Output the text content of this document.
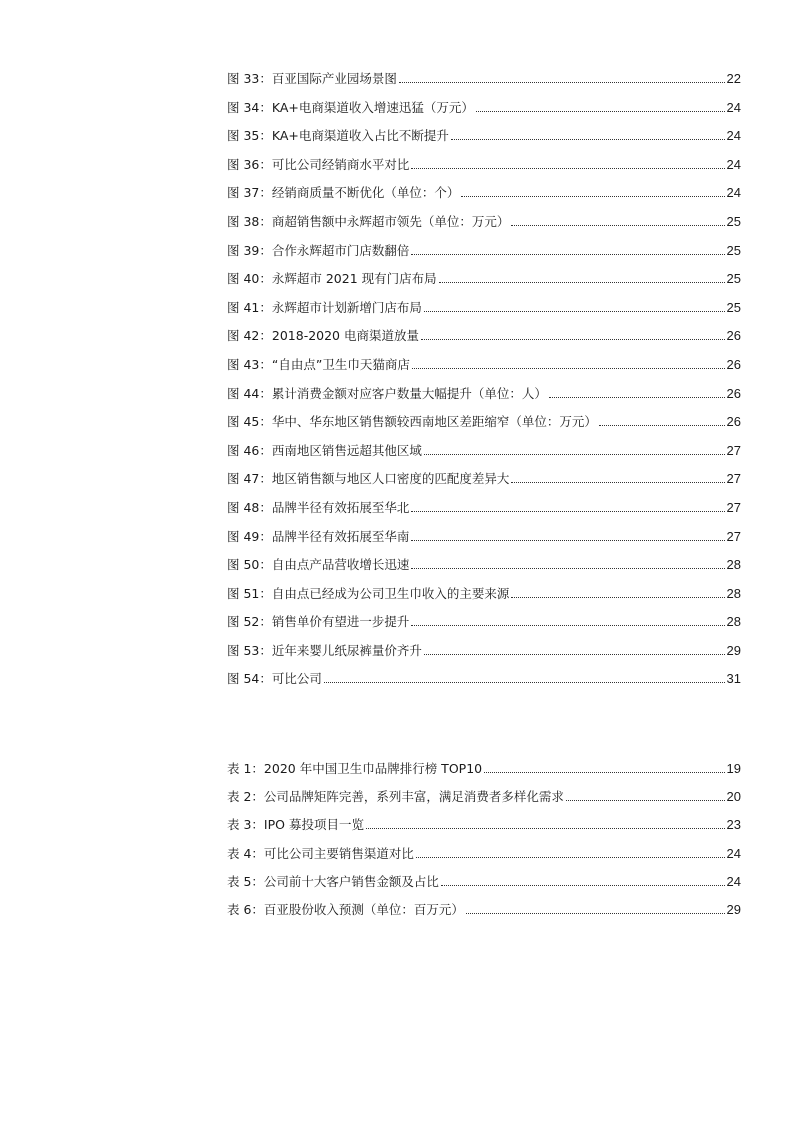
图 33：百亚国际产业园场景图	22
图 34：KA+电商渠道收入增速迅猛（万元）	24
图 35：KA+电商渠道收入占比不断提升	24
图 36：可比公司经销商水平对比	24
图 37：经销商质量不断优化（单位：个）	24
图 38：商超销售额中永辉超市领先（单位：万元）	25
图 39：合作永辉超市门店数翻倍	25
图 40：永辉超市 2021 现有门店布局	25
图 41：永辉超市计划新增门店布局	25
图 42：2018-2020 电商渠道放量	26
图 43：“自由点”卫生巾天猫商店	26
图 44：累计消费金额对应客户数量大幅提升（单位：人）	26
图 45：华中、华东地区销售额较西南地区差距缩窄（单位：万元）	26
图 46：西南地区销售远超其他区域	27
图 47：地区销售额与地区人口密度的匹配度差异大	27
图 48：品牌半径有效拓展至华北	27
图 49：品牌半径有效拓展至华南	27
图 50：自由点产品营收增长迅速	28
图 51：自由点已经成为公司卫生巾收入的主要来源	28
图 52：销售单价有望进一步提升	28
图 53：近年来婴儿纸尿裤量价齐升	29
图 54：可比公司	31
表 1：2020 年中国卫生巾品牌排行榜 TOP10	19
表 2：公司品牌矩阵完善，系列丰富，满足消费者多样化需求	20
表 3：IPO 募投项目一览	23
表 4：可比公司主要销售渠道对比	24
表 5：公司前十大客户销售金额及占比	24
表 6：百亚股份收入预测（单位：百万元）	29
